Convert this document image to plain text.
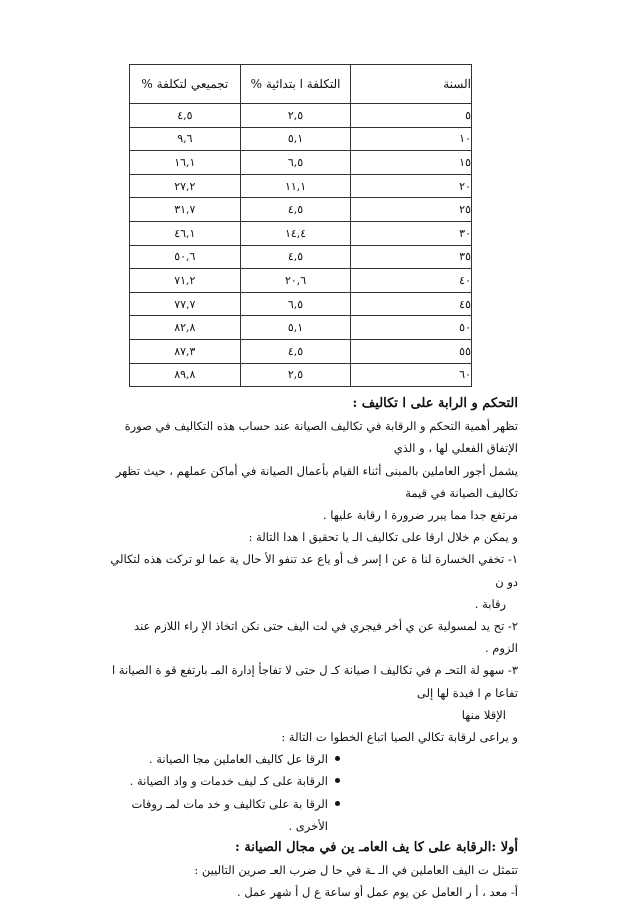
السنة	التكلفة ا بتدائية %	تجميعي لتكلفة %
٥	٢,٥	٤,٥
١٠	٥,١	٩,٦
١٥	٦,٥	١٦,١
٢٠	١١,١	٢٧,٢
٢٥	٤,٥	٣١,٧
٣٠	١٤,٤	٤٦,١
٣٥	٤,٥	٥٠,٦
٤٠	٢٠,٦	٧١,٢
٤٥	٦,٥	٧٧,٧
٥٠	٥,١	٨٢,٨
٥٥	٤,٥	٨٧,٣
٦٠	٢,٥	٨٩,٨

التحكم و الرابة على ا تكاليف :

تظهر أهمية التحكم و الرقابة في تكاليف الصيانة عند حساب هذه التكاليف في صورة الإتفاق الفعلي لها ، و الذي

يشمل أجور العاملين بالمبنى أثناء القيام بأعمال الصيانة في أماكن عملهم ، حيث تظهر تكاليف الصيانة في قيمة

مرتفع جدا مما يبرر ضرورة ا رقابة عليها .

و يمكن م خلال ارقا على تكاليف الـ يا تحقيق ا هدا التالة :

١- تخفي الخسارة لنا ة عن ا إسر ف أو ياع عد تنفو الأ حال ية عما لو تركت هذه لتكالي دو ن

رقابة .

٢- تح يد لمسولية عن ي أخر فيجري في لت اليف حتى نكن اتخاذ الإ راء اللازم عند الزوم .

٣- سهو لة التحـ م في تكاليف ا صيانة كـ ل حتى لا تفاجأ إدارة المـ بارتفع قو ة الصيانة ا تفاعا م ا فيدة لها إلى

الإقلا منها

و يراعى لرقابة تكالي الصيا اتباع الخطوا ت التالة :

الرقا عل كاليف العاملين مجا الصيانة .
الرقابة على كـ ليف خدمات و واد الصيانة .
الرقا بة على تكاليف و خد مات لمـ روفات الأخرى .

أولا :الرقابة على كا يف العامـ ين في مجال الصيانة :

تتمثل ت اليف العاملين في الـ ـة في حا ل ضرب العـ صرين التاليين :

أ- معد ، أ ر العامل عن يوم عمل أو ساعة ع ل أ شهر عمل .
